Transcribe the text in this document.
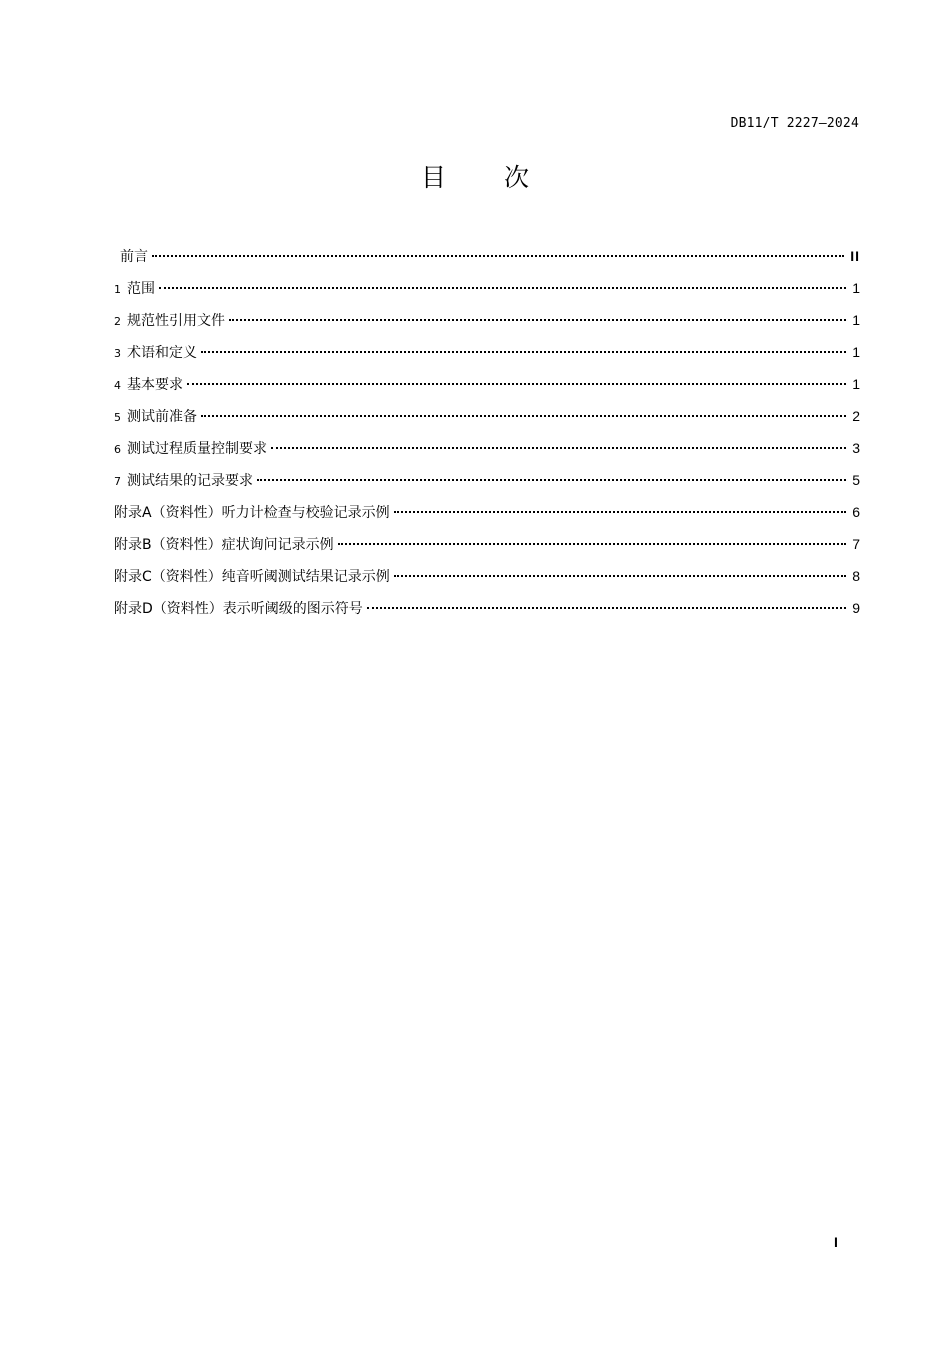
DB11/T 2227—2024
目次
前言	II
1 范围	1
2 规范性引用文件	1
3 术语和定义	1
4 基本要求	1
5 测试前准备	2
6 测试过程质量控制要求	3
7 测试结果的记录要求	5
附录A（资料性）听力计检查与校验记录示例	6
附录B（资料性）症状询问记录示例	7
附录C（资料性）纯音听阈测试结果记录示例	8
附录D（资料性）表示听阈级的图示符号	9
I
